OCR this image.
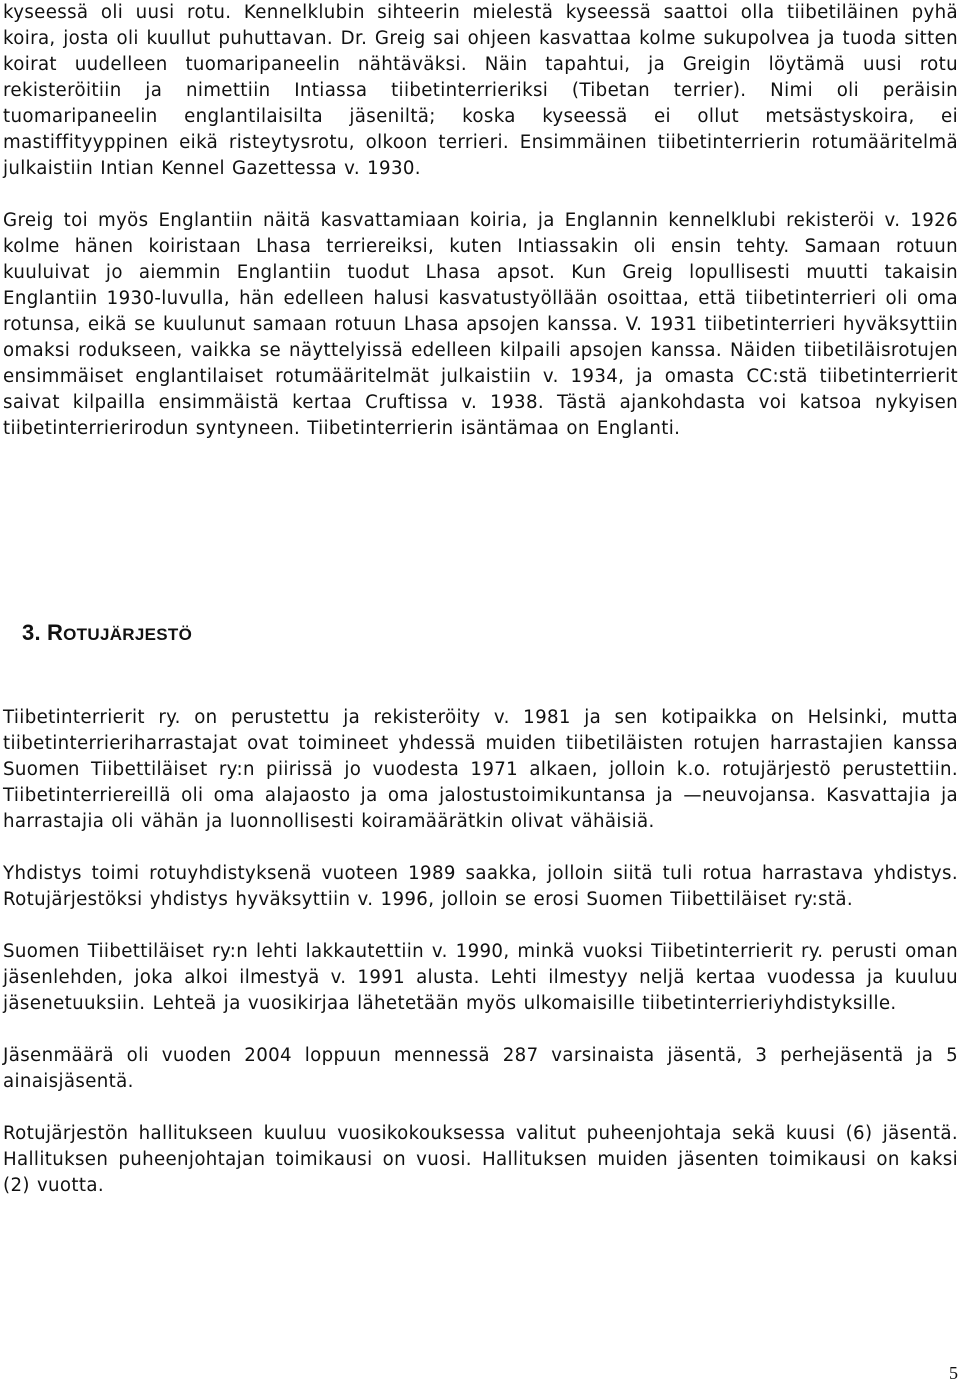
kyseessä oli uusi rotu. Kennelklubin sihteerin mielestä kyseessä saattoi olla tiibetiläinen pyhä koira, josta oli kuullut puhuttavan. Dr. Greig sai ohjeen kasvattaa kolme sukupolvea ja tuoda sitten koirat uudelleen tuomaripaneelin nähtäväksi. Näin tapahtui, ja Greigin löytämä uusi rotu rekisteröitiin ja nimettiin Intiassa tiibetinterrieriksi (Tibetan terrier). Nimi oli peräisin tuomaripaneelin englantilaisilta jäseniltä; koska kyseessä ei ollut metsästyskoira, ei mastiffityyppinen eikä risteytysrotu, olkoon terrieri. Ensimmäinen tiibetinterrierin rotumääritelmä julkaistiin Intian Kennel Gazettessa v. 1930.

Greig toi myös Englantiin näitä kasvattamiaan koiria, ja Englannin kennelklubi rekisteröi v. 1926 kolme hänen koiristaan Lhasa terriereiksi, kuten Intiassakin oli ensin tehty. Samaan rotuun kuuluivat jo aiemmin Englantiin tuodut Lhasa apsot. Kun Greig lopullisesti muutti takaisin Englantiin 1930-luvulla, hän edelleen halusi kasvatustyöllään osoittaa, että tiibetinterrieri oli oma rotunsa, eikä se kuulunut samaan rotuun Lhasa apsojen kanssa. V. 1931 tiibetinterrieri hyväksyttiin omaksi rodukseen, vaikka se näyttelyissä edelleen kilpaili apsojen kanssa. Näiden tiibetiläisrotujen ensimmäiset englantilaiset rotumääritelmät julkaistiin v. 1934, ja omasta CC:stä tiibetinterrierit saivat kilpailla ensimmäistä kertaa Cruftissa v. 1938. Tästä ajankohdasta voi katsoa nykyisen tiibetinterrierirodun syntyneen. Tiibetinterrierin isäntämaa on Englanti.

3. ROTUJÄRJESTÖ

Tiibetinterrierit ry. on perustettu ja rekisteröity v. 1981 ja sen kotipaikka on Helsinki, mutta tiibetinterrieriharrastajat ovat toimineet yhdessä muiden tiibetiläisten rotujen harrastajien kanssa Suomen Tiibettiläiset ry:n piirissä jo vuodesta 1971 alkaen, jolloin k.o. rotujärjestö perustettiin. Tiibetinterriereillä oli oma alajaosto ja oma jalostustoimikuntansa ja —neuvojansa. Kasvattajia ja harrastajia oli vähän ja luonnollisesti koiramäärätkin olivat vähäisiä.

Yhdistys toimi rotuyhdistyksenä vuoteen 1989 saakka, jolloin siitä tuli rotua harrastava yhdistys. Rotujärjestöksi yhdistys hyväksyttiin v. 1996, jolloin se erosi Suomen Tiibettiläiset ry:stä.

Suomen Tiibettiläiset ry:n lehti lakkautettiin v. 1990, minkä vuoksi Tiibetinterrierit ry. perusti oman jäsenlehden, joka alkoi ilmestyä v. 1991 alusta. Lehti ilmestyy neljä kertaa vuodessa ja kuuluu jäsenetuuksiin. Lehteä ja vuosikirjaa lähetetään myös ulkomaisille tiibetinterrieriyhdistyksille.

Jäsenmäärä oli vuoden 2004 loppuun mennessä 287 varsinaista jäsentä, 3 perhejäsentä ja 5 ainaisjäsentä.

Rotujärjestön hallitukseen kuuluu vuosikokouksessa valitut puheenjohtaja sekä kuusi (6) jäsentä. Hallituksen puheenjohtajan toimikausi on vuosi. Hallituksen muiden jäsenten toimikausi on kaksi (2) vuotta.

5
